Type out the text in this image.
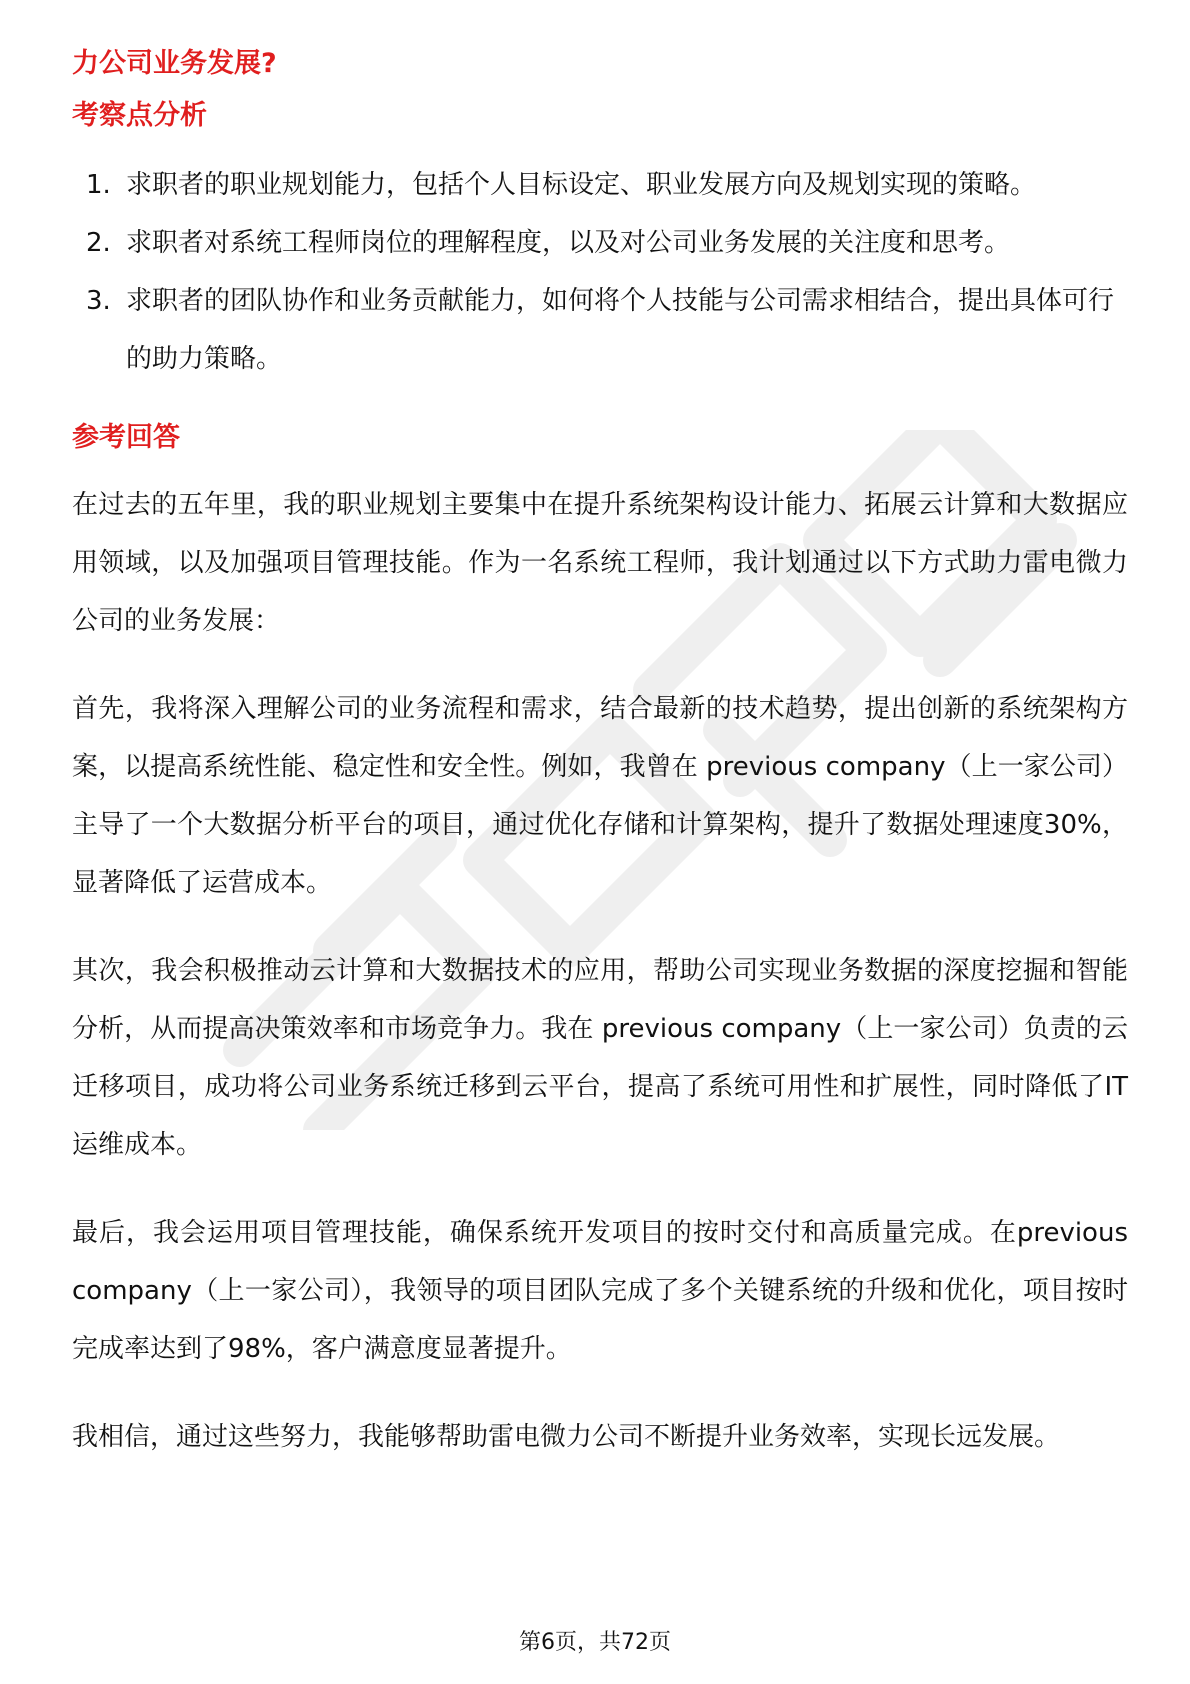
力公司业务发展?
考察点分析
1. 求职者的职业规划能力，包括个人目标设定、职业发展方向及规划实现的策略。
2. 求职者对系统工程师岗位的理解程度，以及对公司业务发展的关注度和思考。
3. 求职者的团队协作和业务贡献能力，如何将个人技能与公司需求相结合，提出具体可行的助力策略。
参考回答

在过去的五年里，我的职业规划主要集中在提升系统架构设计能力、拓展云计算和大数据应用领域，以及加强项目管理技能。作为一名系统工程师，我计划通过以下方式助力雷电微力公司的业务发展：

首先，我将深入理解公司的业务流程和需求，结合最新的技术趋势，提出创新的系统架构方案，以提高系统性能、稳定性和安全性。例如，我曾在 previous company（上一家公司）主导了一个大数据分析平台的项目，通过优化存储和计算架构，提升了数据处理速度30%，显著降低了运营成本。

其次，我会积极推动云计算和大数据技术的应用，帮助公司实现业务数据的深度挖掘和智能分析，从而提高决策效率和市场竞争力。我在 previous company（上一家公司）负责的云迁移项目，成功将公司业务系统迁移到云平台，提高了系统可用性和扩展性，同时降低了IT运维成本。

最后，我会运用项目管理技能，确保系统开发项目的按时交付和高质量完成。在previous company（上一家公司），我领导的项目团队完成了多个关键系统的升级和优化，项目按时完成率达到了98%，客户满意度显著提升。

我相信，通过这些努力，我能够帮助雷电微力公司不断提升业务效率，实现长远发展。

第6页，共72页
